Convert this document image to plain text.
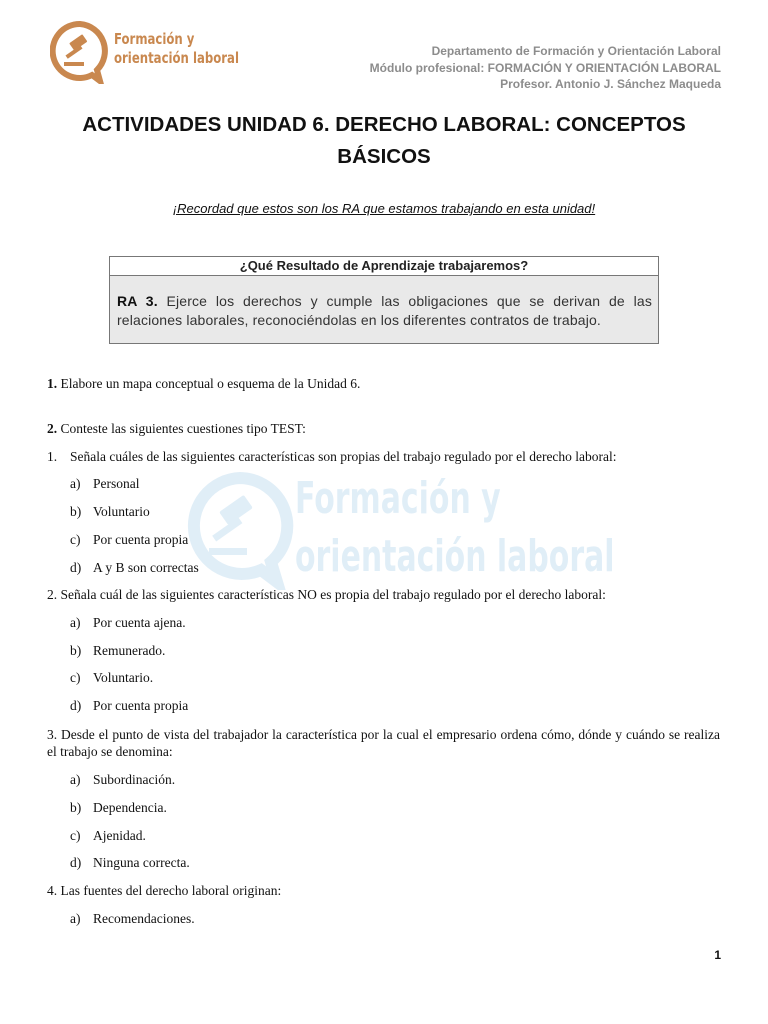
Formación y
orientación laboral	Departamento de Formación y Orientación Laboral
Módulo profesional: FORMACIÓN Y ORIENTACIÓN LABORAL
Profesor. Antonio J. Sánchez Maqueda
Formación y
orientación laboral
ACTIVIDADES UNIDAD 6. DERECHO LABORAL: CONCEPTOS
BÁSICOS
¡Recordad que estos son los RA que estamos trabajando en esta unidad!
¿Qué Resultado de Aprendizaje trabajaremos?
RA 3. Ejerce los derechos y cumple las obligaciones que se derivan de las relaciones laborales, reconociéndolas en los diferentes contratos de trabajo.
1. Elabore un mapa conceptual o esquema de la Unidad 6.
2. Conteste las siguientes cuestiones tipo TEST:
1. Señala cuáles de las siguientes características son propias del trabajo regulado por el derecho laboral:
a) Personal
b) Voluntario
c) Por cuenta propia
d) A y B son correctas
2. Señala cuál de las siguientes características NO es propia del trabajo regulado por el derecho laboral:
a) Por cuenta ajena.
b) Remunerado.
c) Voluntario.
d) Por cuenta propia
3. Desde el punto de vista del trabajador la característica por la cual el empresario ordena cómo, dónde y cuándo se realiza el trabajo se denomina:
a) Subordinación.
b) Dependencia.
c) Ajenidad.
d) Ninguna correcta.
4. Las fuentes del derecho laboral originan:
a) Recomendaciones.
1
